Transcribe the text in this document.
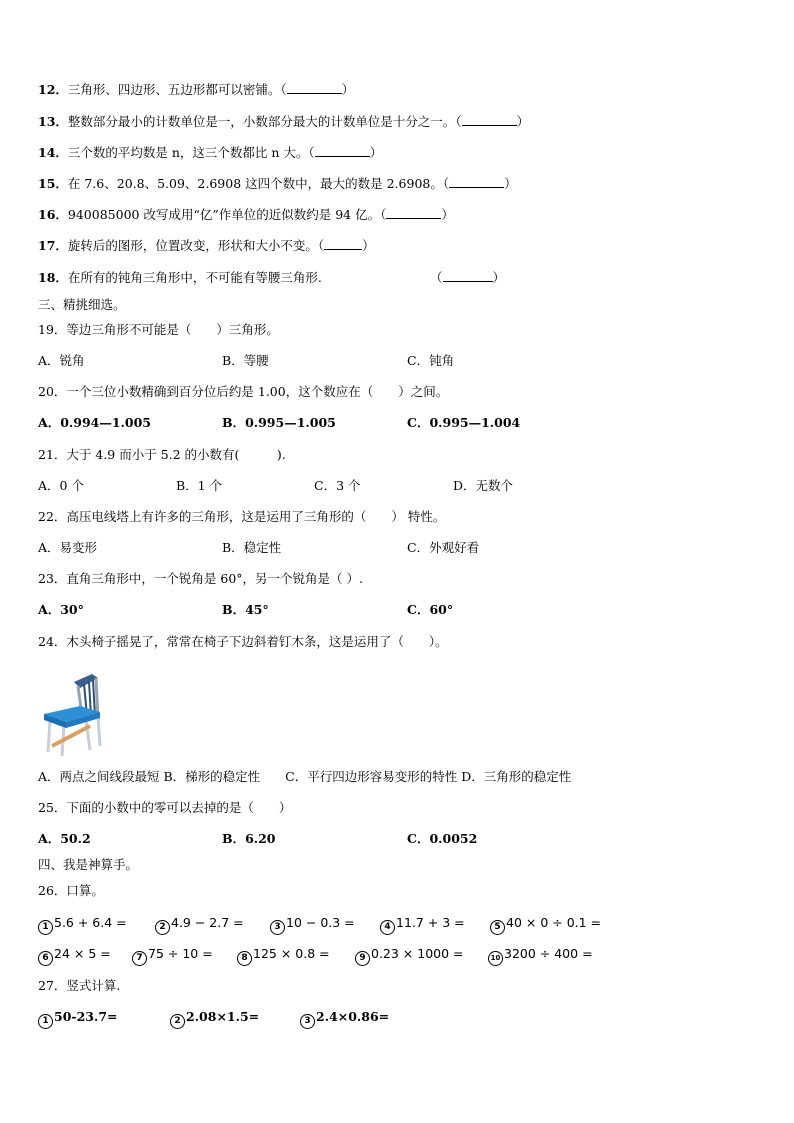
12．三角形、四边形、五边形都可以密铺。（	）
13．整数部分最小的计数单位是一，小数部分最大的计数单位是十分之一。（	）
14．三个数的平均数是 n，这三个数都比 n 大。（	）
15．在 7.6、20.8、5.09、2.6908 这四个数中，最大的数是 2.6908。（	）
16．940085000 改写成用“亿”作单位的近似数约是 94 亿。（	）
17．旋转后的图形，位置改变，形状和大小不变。（	）
18．在所有的钝角三角形中，不可能有等腰三角形.	（	）
三、精挑细选。
19．等边三角形不可能是（　　）三角形。
A．锐角	B．等腰	C．钝角
20．一个三位小数精确到百分位后约是 1.00，这个数应在（　　）之间。
A．0.994—1.005	B．0.995—1.005	C．0.995—1.004
21．大于 4.9 而小于 5.2 的小数有(　　　).
A．0 个	B．1 个	C．3 个	D．无数个
22．高压电线塔上有许多的三角形，这是运用了三角形的（　　） 特性。
A．易变形	B．稳定性	C．外观好看
23．直角三角形中，一个锐角是 60°，另一个锐角是（ ）.
A．30°	B．45°	C．60°
24．木头椅子摇晃了，常常在椅子下边斜着钉木条，这是运用了（　　）。
A．两点之间线段最短 B．梯形的稳定性　　C．平行四边形容易变形的特性 D．三角形的稳定性
25．下面的小数中的零可以去掉的是（　　）
A．50.2	B．6.20	C．0.0052
四、我是神算手。
26．口算。
1 5.6 + 6.4 =	2 4.9 − 2.7 =	3 10 − 0.3 =	4 11.7 + 3 =	5 40 × 0 ÷ 0.1 =
6 24 × 5 =	7 75 ÷ 10 =	8 125 × 0.8 =	9 0.23 × 1000 =	10 3200 ÷ 400 =
27．竖式计算.
1 50-23.7=	2 2.08×1.5=	3 2.4×0.86=
